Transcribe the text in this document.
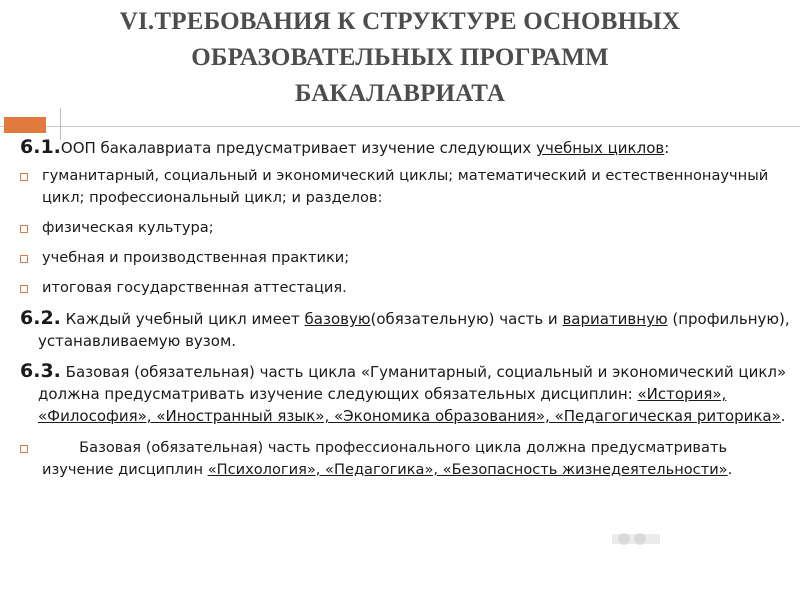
VI.ТРЕБОВАНИЯ К СТРУКТУРЕ ОСНОВНЫХ
ОБРАЗОВАТЕЛЬНЫХ ПРОГРАММ
БАКАЛАВРИАТА

6.1.ООП бакалавриата предусматривает изучение следующих учебных циклов:

гуманитарный, социальный и экономический циклы; математический и естественнонаучный цикл; профессиональный цикл; и разделов:

физическая культура;

учебная и производственная практики;

итоговая государственная аттестация.

6.2. Каждый учебный цикл имеет базовую(обязательную) часть и вариативную (профильную), устанавливаемую вузом.

6.3. Базовая (обязательная) часть цикла «Гуманитарный, социальный и экономический цикл» должна предусматривать изучение следующих обязательных дисциплин: «История», «Философия», «Иностранный язык», «Экономика образования», «Педагогическая риторика».

Базовая (обязательная) часть профессионального цикла должна предусматривать изучение дисциплин «Психология», «Педагогика», «Безопасность жизнедеятельности».
